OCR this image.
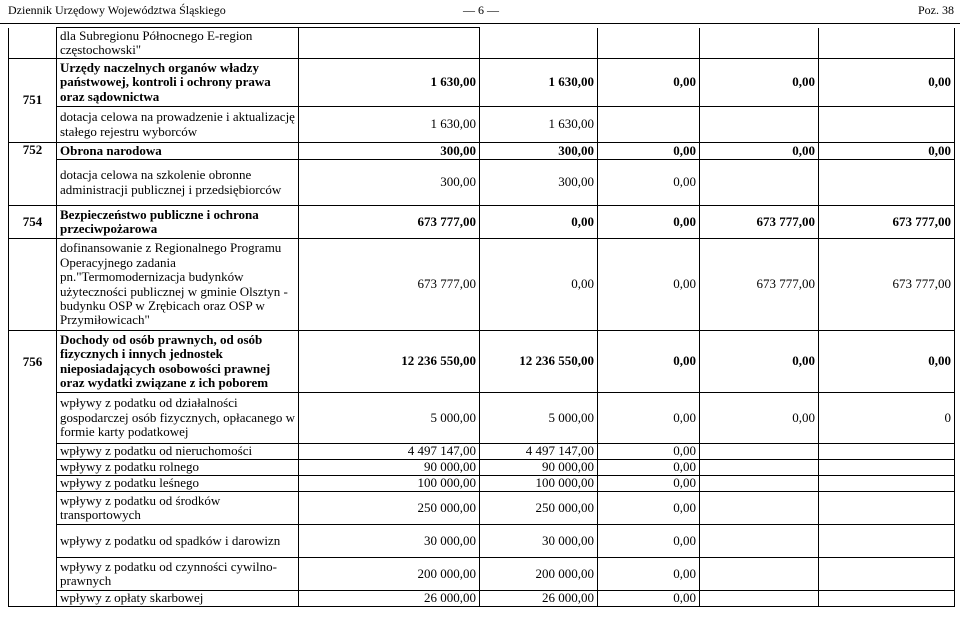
Dziennik Urzędowy Województwa Śląskiego	— 6 —	Poz. 38
	dla Subregionu Północnego E-region częstochowski"					
751	Urzędy naczelnych organów władzy państwowej, kontroli i ochrony prawa oraz sądownictwa	1 630,00	1 630,00	0,00	0,00	0,00
	dotacja celowa na prowadzenie i aktualizację stałego rejestru wyborców	1 630,00	1 630,00			
752	Obrona narodowa	300,00	300,00	0,00	0,00	0,00
	dotacja celowa na szkolenie obronne administracji publicznej i przedsiębiorców	300,00	300,00	0,00		
754	Bezpieczeństwo publiczne i ochrona przeciwpożarowa	673 777,00	0,00	0,00	673 777,00	673 777,00
	dofinansowanie z Regionalnego Programu Operacyjnego zadania pn."Termomodernizacja budynków użyteczności publicznej w gminie Olsztyn - budynku OSP w Zrębicach oraz OSP w Przymiłowicach"	673 777,00	0,00	0,00	673 777,00	673 777,00
756	Dochody od osób prawnych, od osób fizycznych i innych jednostek nieposiadających osobowości prawnej oraz wydatki związane z ich poborem	12 236 550,00	12 236 550,00	0,00	0,00	0,00
	wpływy z podatku od działalności gospodarczej osób fizycznych, opłacanego w formie karty podatkowej	5 000,00	5 000,00	0,00	0,00	0
	wpływy z podatku od nieruchomości	4 497 147,00	4 497 147,00	0,00		
	wpływy z podatku rolnego	90 000,00	90 000,00	0,00		
	wpływy z podatku leśnego	100 000,00	100 000,00	0,00		
	wpływy z podatku od środków transportowych	250 000,00	250 000,00	0,00		
	wpływy z podatku od spadków i darowizn	30 000,00	30 000,00	0,00		
	wpływy z podatku od czynności cywilno-prawnych	200 000,00	200 000,00	0,00		
	wpływy z opłaty skarbowej	26 000,00	26 000,00	0,00		
